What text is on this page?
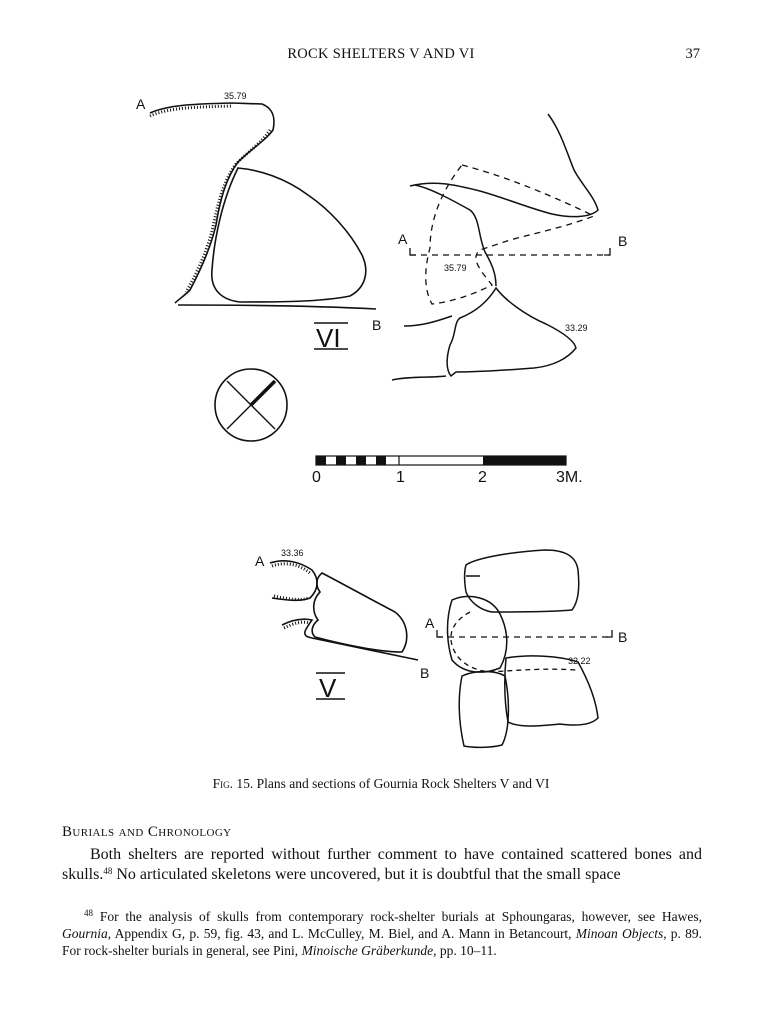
ROCK SHELTERS V AND VI	37
A	35.79
B
VI
A	B
35.79
33.29
0	1	2	3M.
A 33.36
B
V
A
B
32.22
Fig. 15. Plans and sections of Gournia Rock Shelters V and VI
Burials and Chronology

Both shelters are reported without further comment to have contained scattered bones and skulls.$^{48}$ No articulated skeletons were uncovered, but it is doubtful that the small space

$^{48}$ For the analysis of skulls from contemporary rock-shelter burials at Sphoungaras, however, see Hawes, Gournia, Appendix G, p. 59, fig. 43, and L. McCulley, M. Biel, and A. Mann in Betancourt, Minoan Objects, p. 89. For rock-shelter burials in general, see Pini, Minoische Gräberkunde, pp. 10–11.
